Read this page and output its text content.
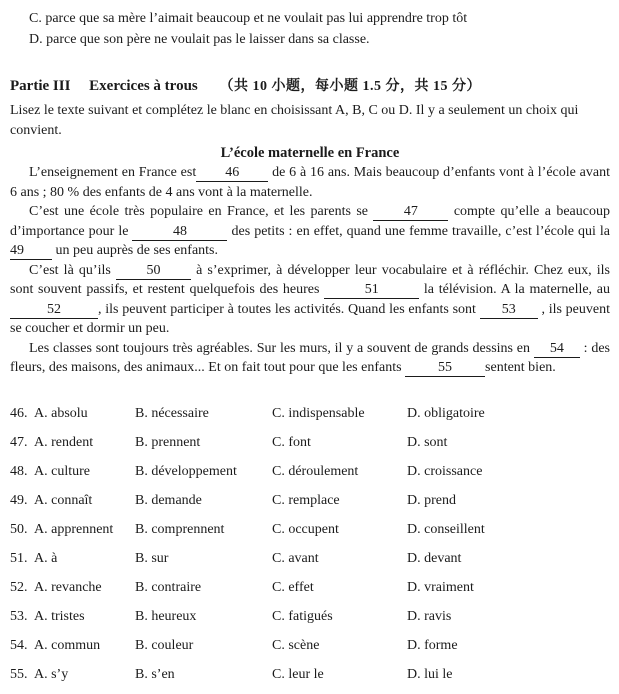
C. parce que sa mère l’aimait beaucoup et ne voulait pas lui apprendre trop tôt

D. parce que son père ne voulait pas le laisser dans sa classe.

Partie III Exercices à trous （共 10 小题，每小题 1.5 分，共 15 分）

Lisez le texte suivant et complétez le blanc en choisissant A, B, C ou D. Il y a seulement un choix qui convient.

L’école maternelle en France

L’enseignement en France est 46 de 6 à 16 ans. Mais beaucoup d’enfants vont à l’école avant 6 ans ; 80 % des enfants de 4 ans vont à la maternelle.

C’est une école très populaire en France, et les parents se 47 compte qu’elle a beaucoup d’importance pour le	48	des petits : en effet, quand une femme travaille, c’est l’école qui la 49 un peu auprès de ses enfants.

C’est là qu’ils 50 à s’exprimer, à développer leur vocabulaire et à réfléchir. Chez eux, ils sont souvent passifs, et restent quelquefois des heures	51	la télévision. A la maternelle, au52	, ils peuvent participer à toutes les activités. Quand les enfants sont 53 , ils peuvent se coucher et dormir un peu.

Les classes sont toujours très agréables. Sur les murs, il y a souvent de grands dessins en 54 : des fleurs, des maisons, des animaux... Et on fait tout pour que les enfants 55 sentent bien.

46. A. absolu	B. nécessaire	C. indispensable	D. obligatoire
47. A. rendent	B. prennent	C. font	D. sont
48. A. culture	B. développement	C. déroulement	D. croissance
49. A. connaît	B. demande	C. remplace	D. prend
50. A. apprennent	B. comprennent	C. occupent	D. conseillent
51. A. à	B. sur	C. avant	D. devant
52. A. revanche	B. contraire	C. effet	D. vraiment
53. A. tristes	B. heureux	C. fatigués	D. ravis
54. A. commun	B. couleur	C. scène	D. forme
55. A. s’y	B. s’en	C. leur le	D. lui le
